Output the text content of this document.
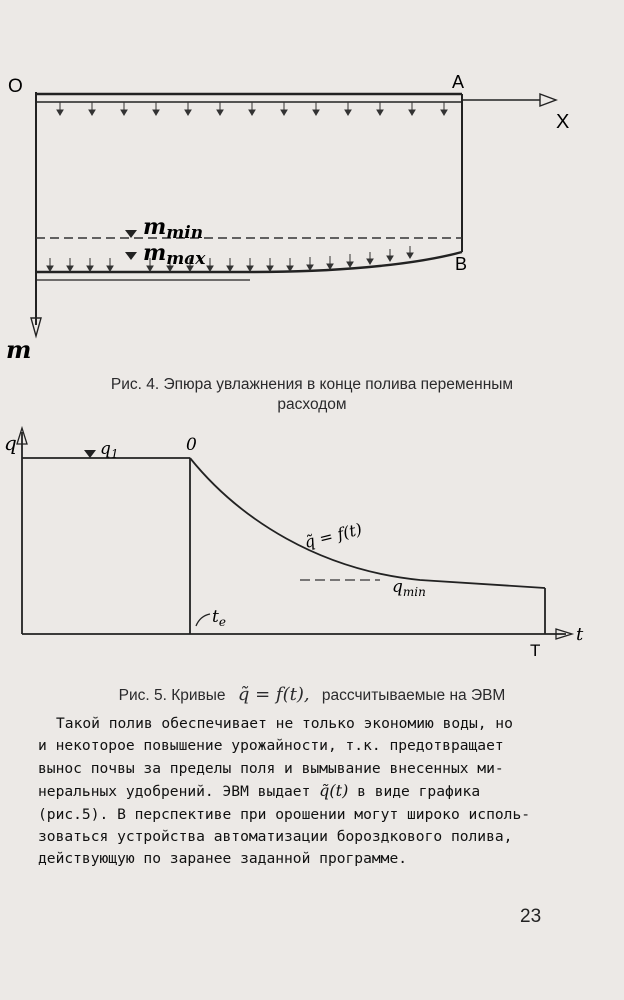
O	A
X
B
m
mmin
mmax
Рис. 4. Эпюра увлажнения в конце полива переменным
расходом
q	$q_1$	0
q̃ = f(t)
$q_{min}$
$t_e$
t
T
Рис. 5. Кривые q̃ = f(t), рассчитываемые на ЭВМ

Такой полив обеспечивает не только экономию воды, но
и некоторое повышение урожайности, т.к. предотвращает
вынос почвы за пределы поля и вымывание внесенных ми-
неральных удобрений. ЭВМ выдает q̃(t) в виде графика
(рис.5). В перспективе при орошении могут широко исполь-
зоваться устройства автоматизации бороздкового полива,
действующую по заранее заданной программе.

23
